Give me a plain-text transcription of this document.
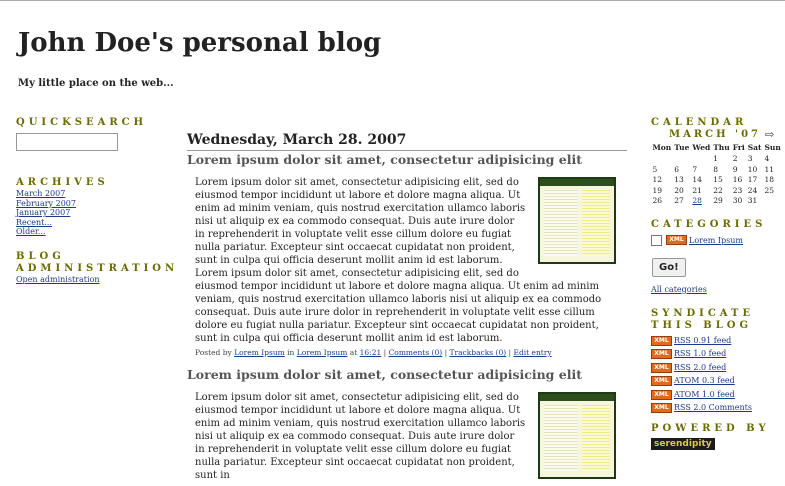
John Doe's personal blog
My little place on the web...
QUICKSEARCH
ARCHIVES
March 2007
February 2007
January 2007
Recent...
Older...
BLOG
ADMINISTRATION
Open administration
Wednesday, March 28. 2007
Lorem ipsum dolor sit amet, consectetur adipisicing elit
Lorem ipsum dolor sit amet, consectetur adipisicing elit, sed do eiusmod tempor incididunt ut labore et dolore magna aliqua. Ut enim ad minim veniam, quis nostrud exercitation ullamco laboris nisi ut aliquip ex ea commodo consequat. Duis aute irure dolor in reprehenderit in voluptate velit esse cillum dolore eu fugiat nulla pariatur. Excepteur sint occaecat cupidatat non proident, sunt in culpa qui officia deserunt mollit anim id est laborum. Lorem ipsum dolor sit amet, consectetur adipisicing elit, sed do eiusmod tempor incididunt ut labore et dolore magna aliqua. Ut enim ad minim veniam, quis nostrud exercitation ullamco laboris nisi ut aliquip ex ea commodo consequat. Duis aute irure dolor in reprehenderit in voluptate velit esse cillum dolore eu fugiat nulla pariatur. Excepteur sint occaecat cupidatat non proident, sunt in culpa qui officia deserunt mollit anim id est laborum.
Posted by Lorem Ipsum in Lorem Ipsum at 16:21 | Comments (0) | Trackbacks (0) | Edit entry
Lorem ipsum dolor sit amet, consectetur adipisicing elit
Lorem ipsum dolor sit amet, consectetur adipisicing elit, sed do eiusmod tempor incididunt ut labore et dolore magna aliqua. Ut enim ad minim veniam, quis nostrud exercitation ullamco laboris nisi ut aliquip ex ea commodo consequat. Duis aute irure dolor in reprehenderit in voluptate velit esse cillum dolore eu fugiat nulla pariatur. Excepteur sint occaecat cupidatat non proident, sunt in
CALENDAR
MARCH '07 ⇨
Mon	Tue	Wed	Thu	Fri	Sat	Sun
			1	2	3	4
5	6	7	8	9	10	11
12	13	14	15	16	17	18
19	20	21	22	23	24	25
26	27	28	29	30	31	
CATEGORIES
XML Lorem Ipsum
Go!
All categories
SYNDICATE
THIS BLOG
XML RSS 0.91 feed
XML RSS 1.0 feed
XML RSS 2.0 feed
XML ATOM 0.3 feed
XML ATOM 1.0 feed
XML RSS 2.0 Comments
POWERED BY
serendipity
